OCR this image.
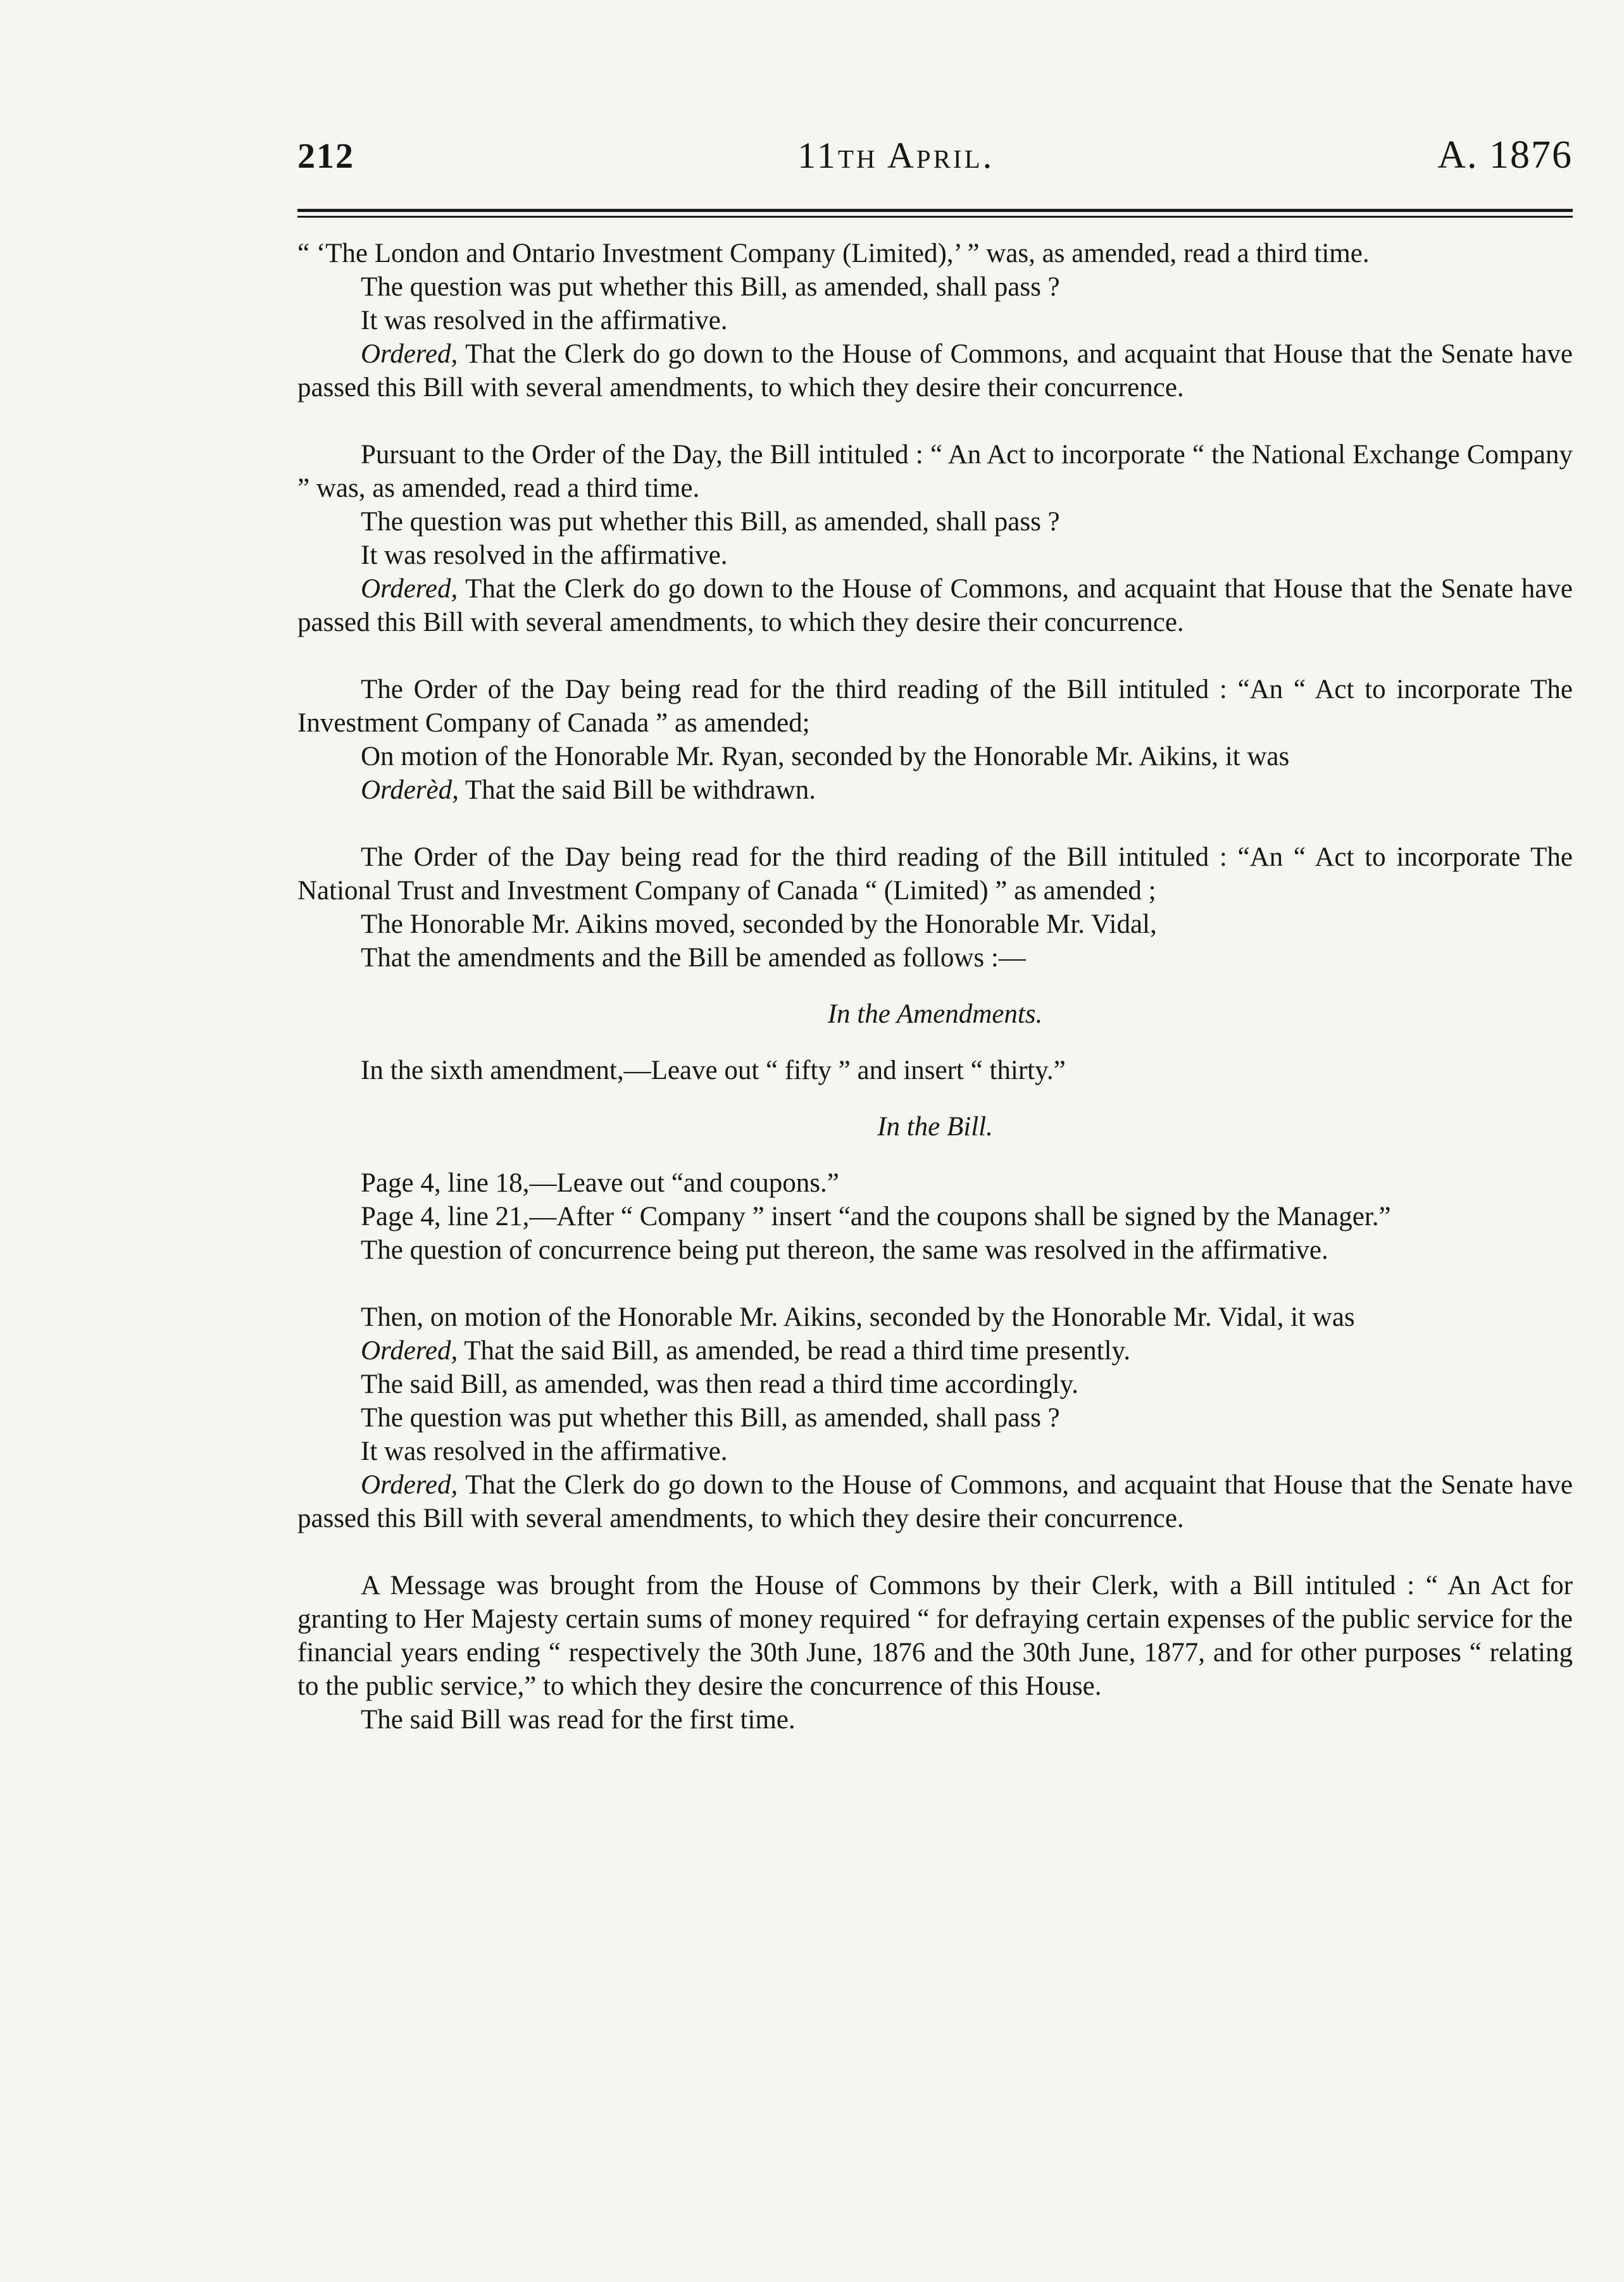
212	11th April.	A. 1876

“ ‘The London and Ontario Investment Company (Limited),’ ” was, as amended, read a third time.

The question was put whether this Bill, as amended, shall pass ?

It was resolved in the affirmative.

Ordered, That the Clerk do go down to the House of Commons, and acquaint that House that the Senate have passed this Bill with several amendments, to which they desire their concurrence.

Pursuant to the Order of the Day, the Bill intituled : “ An Act to incorporate “ the National Exchange Company ” was, as amended, read a third time.

The question was put whether this Bill, as amended, shall pass ?

It was resolved in the affirmative.

Ordered, That the Clerk do go down to the House of Commons, and acquaint that House that the Senate have passed this Bill with several amendments, to which they desire their concurrence.

The Order of the Day being read for the third reading of the Bill intituled : “An “ Act to incorporate The Investment Company of Canada ” as amended;

On motion of the Honorable Mr. Ryan, seconded by the Honorable Mr. Aikins, it was

Orderèd, That the said Bill be withdrawn.

The Order of the Day being read for the third reading of the Bill intituled : “An “ Act to incorporate The National Trust and Investment Company of Canada “ (Limited) ” as amended ;

The Honorable Mr. Aikins moved, seconded by the Honorable Mr. Vidal,

That the amendments and the Bill be amended as follows :—

In the Amendments.

In the sixth amendment,—Leave out “ fifty ” and insert “ thirty.”

In the Bill.

Page 4, line 18,—Leave out “and coupons.”

Page 4, line 21,—After “ Company ” insert “and the coupons shall be signed by the Manager.”

The question of concurrence being put thereon, the same was resolved in the affirmative.

Then, on motion of the Honorable Mr. Aikins, seconded by the Honorable Mr. Vidal, it was

Ordered, That the said Bill, as amended, be read a third time presently.

The said Bill, as amended, was then read a third time accordingly.

The question was put whether this Bill, as amended, shall pass ?

It was resolved in the affirmative.

Ordered, That the Clerk do go down to the House of Commons, and acquaint that House that the Senate have passed this Bill with several amendments, to which they desire their concurrence.

A Message was brought from the House of Commons by their Clerk, with a Bill intituled : “ An Act for granting to Her Majesty certain sums of money required “ for defraying certain expenses of the public service for the financial years ending “ respectively the 30th June, 1876 and the 30th June, 1877, and for other purposes “ relating to the public service,” to which they desire the concurrence of this House.

The said Bill was read for the first time.
